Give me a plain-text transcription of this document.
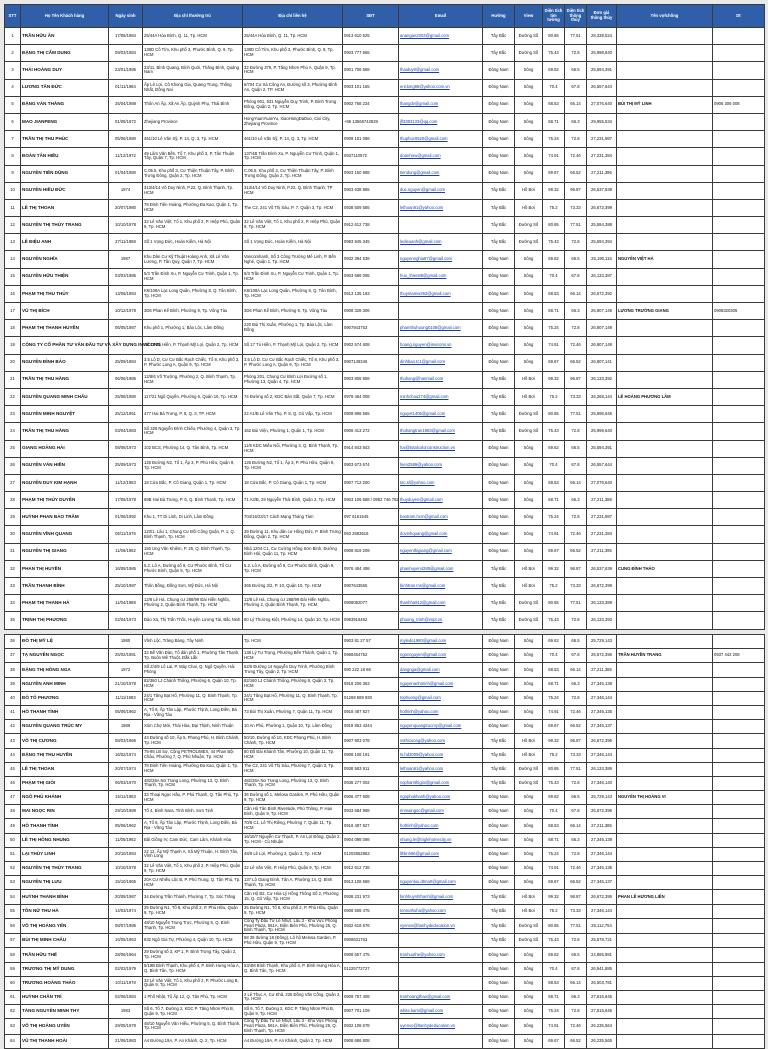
STT	Họ Tên Khách hàng	Ngày sinh	Địa chỉ thường trú	Địa chỉ liên hệ	SĐT	Email	Hướng	View	Diện tích tim tường	Diện tích thông thủy	Đơn giá thông thủy	Tên vợ/chồng	Dt
1	TRẦN HỮU ÂN	17/06/1984	25/44A Hòa Bình, Q. 11, Tp. HCM	25/44A Hòa Bình, Q. 11, Tp. HCM	0913 610 525	anangan2003@gmail.com	Tây Bắc	Đường Số	80.65	77.51	28,338,524		
2	ĐẶNG THỊ CẨM DUNG	09/03/1984	138D Cô Tím, Khu phố 3, Phước Bình, Q. 9, Tp. HCM	138D Cô Tím, Khu phố 3, Phước Bình, Q. 9, Tp. HCM	0903 777 665		Tây Bắc	Đường Số	75.43	72.8	25,998,640		
3	THÁI HOÀNG DUY	23/01/1985	33/11, Bình Quang, Bình Quới, Thăng Bình, Quảng Nam	32 Đường 379, P. Tăng Nhơn Phú A, Quận 9, Tp. HCM	0901 706 668	thaiduy8@gmail.com	Đông Nam	Sông	69.62	66.5	25,594,391		
4	LƯƠNG TẤN ĐỨC	01/11/1984	Ấp Lê Lợi, Cô Khong Gia, Quang Trung, Thống Nhất, Đồng Nai	6/704 Cư Xá Công An, Đường số 3, Phường Bình An, Quận 2, TP. HCM	0903 101 165	ericlong88@yahoo.com.vn	Đông Nam	Sông	70.4	67.8	26,557,644		
5	ĐẶNG VĂN THẮNG	25/04/1988	Thôn An Ấp, Xã An Ấp, Quỳnh Phụ, Thái Bình	Phòng 901, 531 Nguyễn Duy Trinh, P. Bình Trưng Đông, Quận 2, Tp. HCM	0902 768 234	thangdv@gmail.com	Đông Nam	Sông	68.53	66.14	27,076,640	BÙI THỊ MỸ LINH	0906 306 008
6	MAO JIANFENG	01/08/1972	Zhejiang Province	HongYuanYuanYu, XiaoHongDaDuo, Cixi City, Zhejiang Province	+86 13566742828	jfl3383133@qq.com	Đông Nam	Sông	68.71	66.3	29,955,534		
7	TRẦN THỊ THU PHÚC	05/06/1980	461/10 Lê Văn Sỹ, P. 14, Q. 3, Tp. HCM	461/10 Lê Văn Sỹ, P. 14, Q. 3, Tp. HCM	0909 101 086	thuphuc0620@gmail.com	Đông Nam	Sông	75.24	72.8	27,231,987		
8	ĐOÀN TÂN HIỀU	11/12/1972	49 Lâm Văn Bền, Tổ 7, Khu phố 3, P. Tân Thuận Tây, Quận 7, Tp. HCM	137/4B Trần Đình Xu, P. Nguyễn Cư Trinh, Quận 1, Tp. HCM	0937110572	doanhieu@gmail.com	Đông Nam	Sông	74.91	72.46	27,231,384		
9	NGUYỄN TIẾN DŨNG	01/04/1980	C.05.5, Khu phố 3, Cư Thiện Thuận Tây, P. Bình Trưng Đông, Quận 2, Tp. HCM	C.05.5, Khu phố 3, Cư Thiện Thuận Tây, P. Bình Trưng Đông, Quận 2, Tp. HCM	0903 150 988	tiendung@gmail.com	Đông Nam	Sông	69.67	66.52	27,211,395		
10	NGUYỄN HIỀU ĐỨC	1974	313/4/14 Võ Duy Ninh, P.22, Q. Bình Thạnh, Tp. HCM	313/4/14 Võ Duy Ninh, P.22, Q. Bình Thạnh, TP HCM	0903 638 865	duc.nguyen@gmail.com	Tây Bắc	Hồ Bơi	99.32	96.87	26,537,639		
11	LÊ THỊ THOAN	20/07/1980	78 Đinh Tiên Hoàng, Phường Đa Kao, Quận 1, Tp. HCM	The C2, 241 Võ Thị Sáu, P. 7, Quận 3, Tp. HCM	0938 509 585	lethoan61@yahoo.com	Tây Bắc	Hồ Bơi	75.2	73.33	26,672,399		
12	NGUYỄN THỊ THÙY TRANG	10/10/1978	32 Lê Văn Việt, Tổ 1, Khu phố 2, P. Hiệp Phú, Quận 9, Tp. HCM	32 Lê Văn Việt, Tổ 1, Khu phố 2, P. Hiệp Phú, Quận 9, Tp. HCM	0912 612 738		Tây Bắc	Đường Số	80.65	77.51	25,594,388		
13	LÊ ĐIỆU ANH	27/11/1988	Số 1 Vọng Đức, Hoàn Kiếm, Hà Nội	Số 1 Vọng Đức, Hoàn Kiếm, Hà Nội	0983 945 345	ledieuanh@gmail.com	Tây Bắc	Đường Số	75.43	72.8	25,594,394		
14	NGUYỄN NGHĨA	1987	Khu Dân Cư Kỹ Thuật Hoàng Anh, Xã Lê Văn Lương, P. Tân Quy, Quận 7, Tp. HCM	Vancomhanh, Số 3 Công Trường Mê Linh, P. Bến Nghé, Quận 1, Tp. HCM	0932 394 538	nguyennghia87@gmail.com	Đông Nam	Sông	69.62	66.5	25,190,115	NGUYỄN VIỆT HÀ	
15	NGUYỄN HỮU THIỆN	03/03/1985	5/3 Trần Đình Xu, P. Nguyễn Cư Trinh, Quận 1, Tp. HCM	5/3 Trần Đình Xu, P. Nguyễn Cư Trinh, Quận 1, Tp. HCM	0903 668 095	huu_thien88@gmail.com	Đông Nam	Sông	70.4	67.8	26,133,387		
16	PHẠM THỊ THU THỦY	13/06/1984	K6/108A Lạc Long Quân, Phường 8, Q. Tân Bình, Tp. HCM	K6/108A Lạc Long Quân, Phường 8, Q. Tân Bình, Tp. HCM	0913 135 193	thuyntamw363@gmail.com	Đông Nam	Sông	68.53	66.14	26,672,392		
17	VŨ THỊ BÍCH	10/12/1978	3D6 Phan Kế Bính, Phường 9, Tp. Vũng Tàu	3D6 Phan Kế Bính, Phường 9, Tp. Vũng Tàu	0908 328 306		Đông Nam	Sông	68.71	66.3	26,807,149	LƯƠNG TRƯỜNG GIANG	0908320306
18	PHẠM THỊ THANH HUYỀN	06/05/1987	Khu phố 1, Phường 1, Bảo Lộc, Lâm Đồng	220 Bùi Thị Xuân, Phường 1, Tp. Bảo Lộc, Lâm Đồng	0907943753	phamthuhuong0108@gmail.com	Đông Nam	Sông	75.24	72.8	26,807,149		
19	CÔNG TY CỔ PHẦN TƯ VẤN ĐẦU TƯ VÀ XÂY DỰNG INVICONS		Số 17 Tú Hiền, P. Thạnh Mỹ Lợi, Quận 2, Tp. HCM	Số 17 Tú Hiền, P. Thạnh Mỹ Lợi, Quận 2, Tp. HCM	0902 574 608	hoang.nguyen@invicons.vn	Đông Nam	Sông	74.91	72.46	26,807,149		
20	NGUYỄN ĐÌNH BẢO	25/09/1984	3.5 Lô D, Cư Cư Bắc Rạch Chiếc, Tổ 8, Khu phố 3, P. Phước Long A, Quận 9, Tp. HCM	3.5 Lô D, Cư Cư Bắc Rạch Chiếc, Tổ 8, Khu phố 3, P. Phước Long A, Quận 9, Tp. HCM	0907148346	dinhbao.tc1@gmail.com	Đông Nam	Sông	69.67	66.52	26,807,141		
21	TRẦN THỊ THU HẰNG	06/06/1985	12/8/6 Võ Trường, Phường 2, Q. Bình Thạnh, Tp. HCM	Phòng 201, Chung Cư Bình Lợi Đường số 1, Phường 13, Quận 4, Tp. HCM	0903 808 658	thuhang@hanmail.com	Tây Bắc	Hồ Bơi	99.32	96.87	26,133,392		
22	NGUYỄN QUANG MINH CHÂU	25/08/1980	117/21 Ngô Quyền, Phường 6, Quận 10, Tp. HCM	74 Đường số 2, KDC Bàn Sắt, Quận 7, Tp. HCM	0978 464 008	minhchau274@gmail.com	Tây Bắc	Hồ Bơi	75.2	73.33	26,268,144	LÊ HOÀNG PHƯƠNG LÂM	
23	NGUYỄN MINH NGUYỆT	25/12/1951	477 Hai Bà Trưng, P. 8, Q. 3, TP. HCM	22 A1/B Lê Văn Thọ, P. 8, Q. Gò Vấp, Tp. HCM	0909 898 565	nguyet1406@gmail.com	Tây Bắc	Đường Số	80.65	77.51	25,998,645		
24	TRẦN THỊ THU HẰNG	03/04/1983	Sổ 326 Nguyễn Đình Chiểu, Phường 4, Quận 3, Tp. HCM	162 Bùi Viện, Phường 1, Quận 1, Tp. HCM	0906 413 272	thuhangtran1983@gmail.com	Tây Bắc	Đường Số	75.43	72.8	25,998,640		
25	GIANG HOÀNG HẢI	08/08/1973	102 BCS, Phường 14, Q. Tân Bình, Tp. HCM	11/8 KDC Miếu Nổi, Phường 3, Q. Bình Thạnh, Tp. HCM	0914 843 843	hai@totalcolorconstruction.vn	Đông Nam	Sông	69.62	66.5	25,594,391		
26	NGUYỄN VĂN HIỀN	25/09/1973	126 Đường N2, Tổ 1, Ấp 3, P. Phú Hữu, Quận 9, Tp. HCM	126 Đường N2, Tổ 1, Ấp 3, P. Phú Hữu, Quận 9, Tp. HCM	0903 673 674	hien2589@yahoo.com	Đông Nam	Sông	70.4	67.8	26,557,644		
27	NGUYỄN DUY KIM HẠNH	11/12/1983	18 Cửa Bắc, P. Cô Giang, Quận 1, Tp. HCM	18 Cửa Bắc, P. Cô Giang, Quận 1, Tp. HCM	0907 712 200	tac.sl@yahoo.com	Đông Nam	Sông	68.53	66.14	27,076,640		
28	PHẠM THỊ THÚY DUYÊN	17/06/1978	69B Hai Bà Trưng, P. 6, Q. Bình Thạnh, Tp. HCM	71 A3/B, 29 Nguyễn Thái Bình, Quận 2, Tp. HCM	0903 106 688 / 0982 746 782	thuyduyen@gmail.com	Đông Nam	Sông	68.71	66.3	27,211,388		
29	HUỲNH PHAN BẢO TRÂM	01/06/1992	Khu 1, TT Di Linh, Di Linh, Lâm Đồng	704/16/23/17 Cách Mạng Tháng Tám	097 6161545	baotram.hcm@gmail.com	Đông Nam	Sông	75.24	72.8	27,231,987		
30	NGUYỄN VĨNH QUANG	05/11/1976	123/1, Lâu 1, Chung Cư Đồi Công Quận, P. 1, Q. Bình Thạnh, Tp. HCM	39 Đường 11, Khu dân cư Hồng Đức, P. Bình Trưng Đông, Quận 2, Tp. HCM	093 2683616	dovinhquang@gmail.com	Đông Nam	Sông	74.91	72.46	27,231,384		
31	NGUYỄN THỊ GIANG	11/06/1982	150 Ung Văn Khiêm, P. 25, Q. Bình Thạnh, Tp. HCM	Nhà 1204 C1, Cư Cường Hồng Sơn Bình, Đường Bình Hội, Quận 11, Tp. HCM	0908 819 209	nguyenthigiang@gmail.com	Đông Nam	Sông	69.67	66.52	27,211,395		
32	PHAN THỊ HUYỀN	16/08/1985	5.2, Lô A, Đường số 9, Cư Phước Bình, Tổ Cư Phước Bình, Quận 9, Tp. HCM	5.2, Lô A, Đường số 9, Cư Phước Bình, Quận 9, Tp. HCM	0976 484 498	phanhuyen4285@gmail.com	Tây Bắc	Hồ Bơi	99.32	96.87	26,537,639	CUNG ĐÌNH THẢO	
33	TRẦN THANH BÌNH	25/10/1987	Thôn Bồng, Đồng Sơn, Mỹ Đức, Hà Nội	365 Đường 3/2, P. 10, Quận 10, Tp. HCM	0907643555	binhtran.ms@gmail.com	Tây Bắc	Hồ Bơi	75.2	73.33	26,672,399		
34	PHẠM THỊ THANH HÀ	11/04/1988	12/8 Lê Hà, Chung cư 288/99 Đài Hiền Nghĩa, Phường 2, Quận Bình Thạnh, Tp. HCM	12/8 Lê Hà, Chung cư 288/99 Đài Hiền Nghĩa, Phường 2, Quận Bình Thạnh, Tp. HCM	0908082077	thanhha912@gmail.com	Tây Bắc	Đường Số	80.65	77.51	26,133,389		
35	TRỊNH THỊ PHƯƠNG	02/04/1973	Đào Xá, Thị Trấn Thốc, Huyện Lương Tài, Bắc Ninh	60 Lý Thường Kiệt, Phường 14, Quận 10, Tp. HCM	0983916462	phuong_trinh@vnpt.vn	Tây Bắc	Đường Số	75.43	72.8	26,133,393		
36	ĐỖ THỊ MỸ LỆ	1980	Vĩnh Lộc, Trảng Bàng, Tây Ninh	Tp. HCM	0903 81 27 57	myledo1980@gmail.com	Đông Nam	Sông	69.62	66.5	25,729,143		
37	TẠ NGUYÊN NGỌC	25/02/1981	32 Bế Văn Đàn, Tổ dân phố 1, Phường Tân Thạnh, Tp. Buôn Mê Thuột, Đắk Lắk	138 Lý Tự Trọng, Phường Bến Thành, Quận 1, Tp. HCM	0968454752	ngocnguyen@gmail.com	Đông Nam	Sông	70.4	67.8	26,672,396	TRẦN HUYỀN TRANG	0937 442 208
38	ĐẶNG THỊ HỒNG NGA	1972	Số 2/4/9 Lô Lai, P. Máy Chai, Q. Ngô Quyền, Hải Phòng	52/6 Đường 14 Nguyễn Duy Trinh, Phường Bình Trưng Tây, Quận 2, Tp. HCM	090 222 18 66	dangnga@gmail.com	Đông Nam	Sông	68.53	66.14	27,211,385		
39	NGUYỄN ANH MINH	21/10/1978	82/360 LJ Chánh Thông, Phường 6, Quận 10, Tp. HCM	82/160 LJ Chánh Thông, Phường 8, Quận 3, Tp. HCM	0918 206 363	nguyenanhminh@gmail.com	Đông Nam	Sông	68.71	66.3	27,346,139		
40	ĐỖ TỐ PHƯƠNG	11/11/1983	24/1 Tăng Bạt Hổ, Phường 11, Q. Bình Thạnh, Tp. HCM	24/1 Tăng Bạt Hổ, Phường 11, Q. Bình Thạnh, Tp. HCM	01268 689 930	tophuong@gmail.com	Đông Nam	Sông	75.24	72.8	27,346,144		
41	HỒ THANH TÌNH	05/06/1962	A, Tổ 6, Ấp Tân Lập, Phước Thịnh, Long Điền, Bà Rịa - Vũng Tàu	73 Bùi Thị Xuân, Phường 7, Quận 11, Tp. HCM	0918 487 827	hothinh@yahoo.com	Đông Nam	Sông	74.91	72.46	27,346,135		
42	NGUYỄN QUANG TRÚC MY	1989	Xóm Chợ Mới, Thái Hòa, Đại Thịnh, Ninh Thuận	10 An Phú, Phường 1, Quận 10, Tp. Lâm Đồng	0918 853 4244	nguyenquangtrucmy@gmail.com	Đông Nam	Sông	69.67	66.52	27,346,137		
43	VÕ THỊ CƯƠNG	08/03/1966	43 Đường số 10, Ấp 5, Phong Phú, H. Bình Chánh, Tp. HCM	50/10, Đường số 10, KDC Phong Phú, H. Bình Chánh, Tp. HCM	0907 903 078	vothicuong@yahoo.com	Tây Bắc	Hồ Bơi	99.32	96.87	26,672,395		
44	ĐẶNG THỊ THU HUYỀN	16/02/1974	75-95 LB Sư, Cộng PETROLIMEX, 44 Phan Bội Châu, Phường 7, Q. Phú Nhuận, Tp. HCM	80 Đồ Đài Khánh Tân, Phường 10, Quận 11, Tp. HCM	0908 108 191	ts.hd2009@yahoo.com	Tây Bắc	Hồ Bơi	75.2	73.33	27,346,144		
45	LÊ THỊ THOAN	20/07/1974	78 Đinh Tiên Hoàng, Phường Đa Kao, Quận 1, Tp. HCM	The C2, 241 Võ Thị Sáu, Phường 7, Quận 3, Tp. HCM	0938 583 911	lethoan61@yahoo.com	Tây Bắc	Đường Số	80.65	77.51	26,133,389		
46	PHẠM THỊ GIỎI	06/03/1970	482/26A Nơ Trang Long, Phường 13, Q. Bình Thạnh, Tp. HCM	482/26A Nơ Trang Long, Phường 13, Q. Bình Thạnh, Tp. HCM	0938 277 002	vophamthigioi@gmail.com	Tây Bắc	Đường Số	75.43	72.8	27,346,140		
47	NGÔ PHÚ KHÁNH	15/11/1983	33 Thoại Ngọc Hầu, P. Phú Thạnh, Q. Tân Phú, Tp. HCM	36 Đường số 1, Melosa Garden, P. Phú Hữu, Quận 9, Tp. HCM	0906 477 608	ngophukhanh@yahoo.com	Đông Nam	Sông	69.62	66.5	25,729,143	NGUYỄN THỊ HOÀNG VI	
48	MAI NGỌC RIN	29/10/1989	Tổ 4, Bình Nara, Tỉnh Bình, Sơn Tịnh	Căn Hộ Tân Bình Riverside, Phú Thông, P. Hạo Bình, Quận 9, Tp. HCM	0933 684 968	rinmaingoc@gmail.com	Đông Nam	Sông	70.4	67.8	26,672,396		
49	HỒ THANH TÌNH	05/06/1962	A, Tổ 6, Ấp Tân Lập, Phước Thịnh, Long Điền, Bà Rịa - Vũng Tàu	70/6 C1, Lê Thị Riêng, Phường 7, Quận 11, Tp. HCM	0918 487 827	hothinh@yahoo.com	Đông Nam	Sông	68.53	66.14	27,211,385		
50	LÊ THỊ HỒNG NHUNG	11/05/1982	Bãi Giồng IV, Cam Đức, Cam Lâm, Khánh Hòa	16/10/7 Nguyễn Cư Thạch, P. An Lợi Đông, Quận 2, Tp. HCM - Cù Nhuận	0904 098 098	nhung.le@triglehomecity.vn	Đông Nam	Sông	68.71	66.3	27,346,139		
51	LẠI THÙY LINH	20/10/1984	22 12, Ấp Mỹ Thạnh A, Xã Mỹ Thuận, H. Bình Tân, Vĩnh Long	48/9 Lê Lợi, Phường 2, Quận 3, Tp. HCM	01202852863	lthlinh86@gmail.com	Đông Nam	Sông	75.24	72.8	27,346,144		
52	NGUYỄN THỊ THÙY TRANG	10/10/1978	32 Lê Văn Việt, Tổ 1, Khu phố 2, P. Hiệp Phú, Quận 9, Tp. HCM	32 Lê Văn Việt, P. Hiệp Phú, Quận 9, Tp. HCM	0912 612 738		Đông Nam	Sông	74.91	72.46	27,346,135		
53	NGUYỄN THỊ LƯU	15/10/1965	20A Cư Nhiều Lộc B, P. Phú Trung, Q. Tân Phú, Tp. HCM	137 Lộ Giang Đình, Tân A, Phường 14, Q. Bình Thạnh, Tp. HCM	0913 108 668	nguyenluu.dtmart@gmail.com	Đông Nam	Sông	69.67	66.52	27,346,137		
54	HUỲNH THANH BÌNH	20/08/1987	34 Đường Trần Thành, Phường 7, Tp. Sóc Trăng	Căn Hộ B2, Cư Hòa Lý Hồng Thông Số 2, Phường 15, Q. Gò Vấp, Tp. HCM	0938 231 973	binhhuynhthanh@gmail.com	Tây Bắc	Hồ Bơi	99.32	96.87	26,672,395	PHAN LÊ HƯƠNG LIÊN	
55	TÔN NỮ THU HÀ	14/03/1974	25 Đường N1, Tổ 6, Khu phố 2, P. Phú Hữu, Quận 9, Tp. HCM	25 Đường N1, Tổ 6, Khu phố 2, P. Phú Hữu, Quận 9, Tp. HCM	0908 508 475	tonnuthuha@yahoo.com	Tây Bắc	Hồ Bơi	75.2	73.33	27,346,144		
56	VÕ THỊ HOÀNG YẾN	08/07/1985	48/10 Nguyễn Trung Trực, Phường 5, Q. Bình Thạnh, Tp. HCM	Công Ty Đầu Tư Lê Nhựt, Lầu 3 - Khu Vực Phòng Pearl Plaza, 561A, Điện Biên Phủ, Phường 25, Q. Bình Thạnh, Tp. HCM	0932 618 676	vyenvo@ltanhydeducation.vn	Tây Bắc	Đường Số	80.65	77.51	25,112,754		
57	BÙI THỊ MINH CHÂU	16/05/1963	832 Ngô Gia Tự, Phường 4, Quận 10, Tp. HCM	58 28 đường 18 (Đông), Lô hộ Melosa Garden, P. Phú Hữu, Quận 9, Tp. HCM	0908631763		Tây Bắc	Đường Số	75.43	72.8	25,578,721		
58	TRẦN HỮU THẾ	28/06/1964	29 Đường số 3, KP 1, P. Bình Trưng Tây, Quận 2, Tp. HCM		0908 657 475	tranhuuthe@yahoo.com	Đông Nam	Sông	69.62	66.5	24,865,981		
59	TRƯƠNG THỊ MỸ DUNG	02/03/1979	5/19B Bình Thạnh, Khu phố 4, P. Bình Hưng Hòa A, Q. Bình Tân, Tp. HCM	53/4M Bình Thạnh, Khu phố 4, P. Bình Hưng Hòa A, Q. Bình Tân, Tp. HCM	01225772727		Đông Nam	Sông	70.4	67.8	26,941,885		
60	TRƯƠNG HOÀNG THẢO	10/11/1978	32 Lê Văn Việt, Tổ 1, Khu phố 2, P. Phước Long B, Quận 9, Tp. HCM				Đông Nam	Sông	68.53	66.14	26,503,781		
61	HUỲNH CHÂN TRÍ	02/06/1984	1 Phố Nhật, Tổ Ấp 12, Q. Tân Phú, Tp. HCM	2 Lê Thục A, Cư Khả, 225 Đồng Văn Cống, Quận 2, Tp. HCM	0909 757 408	tranhoangthao@gmail.com	Đông Nam	Sông	68.71	66.3	27,615,645		
62	TĂNG NGUYỄN MINH THY	1983	Số 6, Tổ 7, Đường 2, KDC P. Tăng Nhơn Phú B, Quận 9, Tp. HCM	Số 6, Tổ 7, Đường 2, KDC P. Tăng Nhơn Phú B, Quận 9, Tp. HCM	0907 701 109	white.kami@gmail.com	Đông Nam	Sông	75.24	72.8	27,615,646		
63	VÕ THỊ HOÀNG UYÊN	29/05/1978	48/10 Nguyễn Văn Hiếu, Phường 5, Q. Bình Thạnh, Tp. HCM	Công Ty Đầu Tư Lê Nhựt, Lầu 3 - Khu Vực Phòng Pearl Plaza, 561A, Điện Biên Phủ, Phường 25, Q. Bình Thạnh, Tp. HCM	0932 108 678	uyenvo@ltanhydeducation.vn	Đông Nam	Sông	74.91	72.46	26,235,564		
64	VŨ THỊ THANH HOÀI	21/06/1983	A4 Đường 19A, P. An Khánh, Q. 2, Tp. HCM	A4 Đường 19A, P. An Khánh, Quận 2, Tp. HCM	0908 686 808		Đông Nam	Sông	69.67	66.52	26,235,565		
